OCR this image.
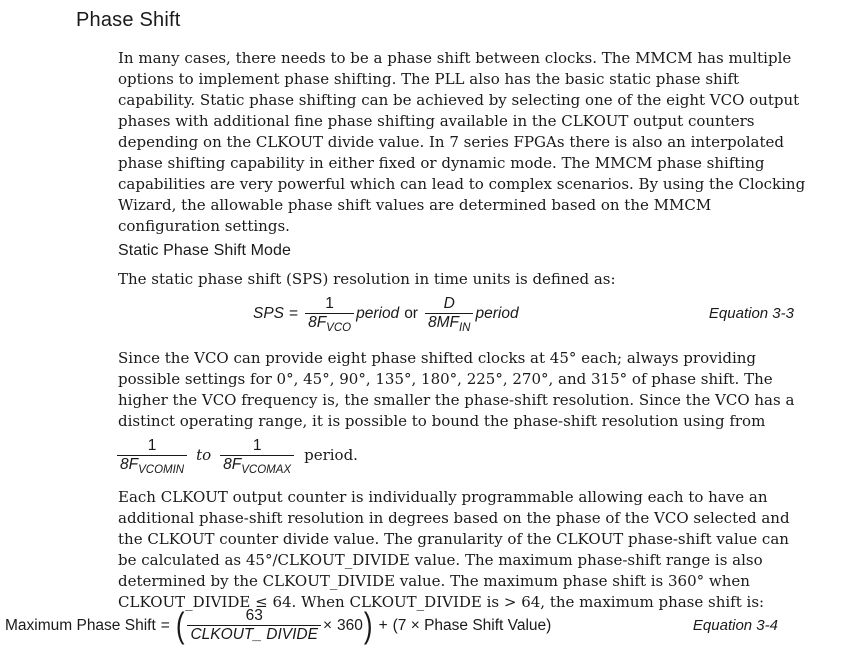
Phase Shift

In many cases, there needs to be a phase shift between clocks. The MMCM has multiple options to implement phase shifting. The PLL also has the basic static phase shift capability. Static phase shifting can be achieved by selecting one of the eight VCO output phases with additional fine phase shifting available in the CLKOUT output counters depending on the CLKOUT divide value. In 7 series FPGAs there is also an interpolated phase shifting capability in either fixed or dynamic mode. The MMCM phase shifting capabilities are very powerful which can lead to complex scenarios. By using the Clocking Wizard, the allowable phase shift values are determined based on the MMCM configuration settings.

Static Phase Shift Mode

The static phase shift (SPS) resolution in time units is defined as:

SPS = $\frac{1}{8F_{VCO}}$ period or $\frac{D}{8MF_{IN}}$ period	Equation 3-3

Since the VCO can provide eight phase shifted clocks at 45° each; always providing possible settings for 0°, 45°, 90°, 135°, 180°, 225°, 270°, and 315° of phase shift. The higher the VCO frequency is, the smaller the phase-shift resolution. Since the VCO has a distinct operating range, it is possible to bound the phase-shift resolution using from

$\frac{1}{8F_{VCOMIN}}$ to $\frac{1}{8F_{VCOMAX}}$ period.

Each CLKOUT output counter is individually programmable allowing each to have an additional phase-shift resolution in degrees based on the phase of the VCO selected and the CLKOUT counter divide value. The granularity of the CLKOUT phase-shift value can be calculated as 45°/CLKOUT_DIVIDE value. The maximum phase-shift range is also determined by the CLKOUT_DIVIDE value. The maximum phase shift is 360° when CLKOUT_DIVIDE ≤ 64. When CLKOUT_DIVIDE is > 64, the maximum phase shift is:

Maximum Phase Shift = ( $\frac{63}{\text{CLKOUT\_ DIVIDE}} \times 360$ ) + (7 × Phase Shift Value)	Equation 3-4
